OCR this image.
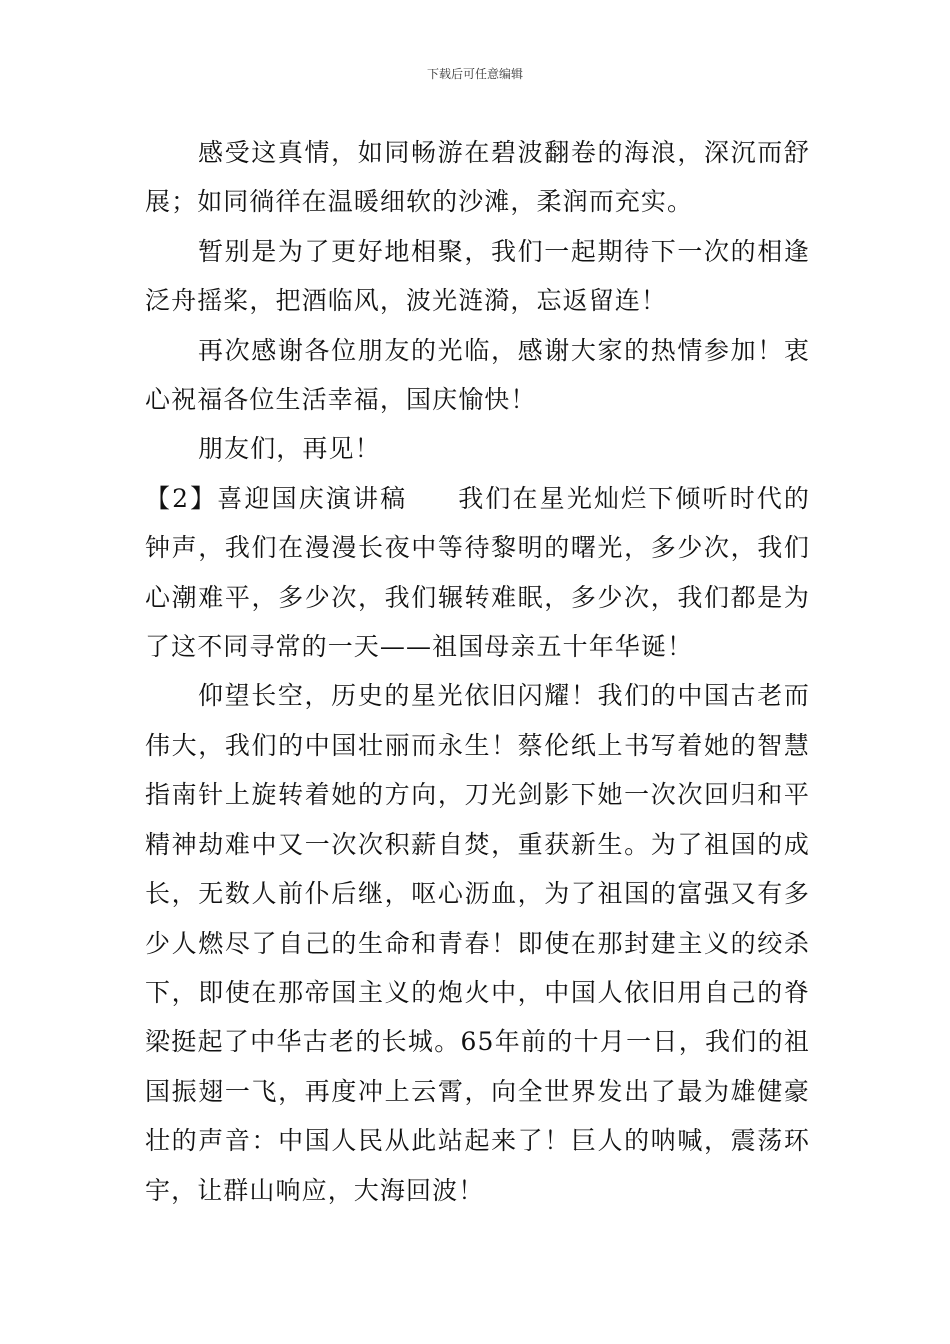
下载后可任意编辑

感受这真情，如同畅游在碧波翻卷的海浪，深沉而舒展；如同徜徉在温暖细软的沙滩，柔润而充实。

暂别是为了更好地相聚，我们一起期待下一次的相逢泛舟摇桨，把酒临风，波光涟漪，忘返留连！

再次感谢各位朋友的光临，感谢大家的热情参加！衷心祝福各位生活幸福，国庆愉快！

朋友们，再见！

【2】喜迎国庆演讲稿 我们在星光灿烂下倾听时代的钟声，我们在漫漫长夜中等待黎明的曙光，多少次，我们心潮难平，多少次，我们辗转难眠，多少次，我们都是为了这不同寻常的一天——祖国母亲五十年华诞！

仰望长空，历史的星光依旧闪耀！我们的中国古老而伟大，我们的中国壮丽而永生！蔡伦纸上书写着她的智慧指南针上旋转着她的方向，刀光剑影下她一次次回归和平精神劫难中又一次次积薪自焚，重获新生。为了祖国的成长，无数人前仆后继，呕心沥血，为了祖国的富强又有多少人燃尽了自己的生命和青春！即使在那封建主义的绞杀下，即使在那帝国主义的炮火中，中国人依旧用自己的脊梁挺起了中华古老的长城。65年前的十月一日，我们的祖国振翅一飞，再度冲上云霄，向全世界发出了最为雄健豪壮的声音：中国人民从此站起来了！巨人的呐喊，震荡环宇，让群山响应，大海回波！
